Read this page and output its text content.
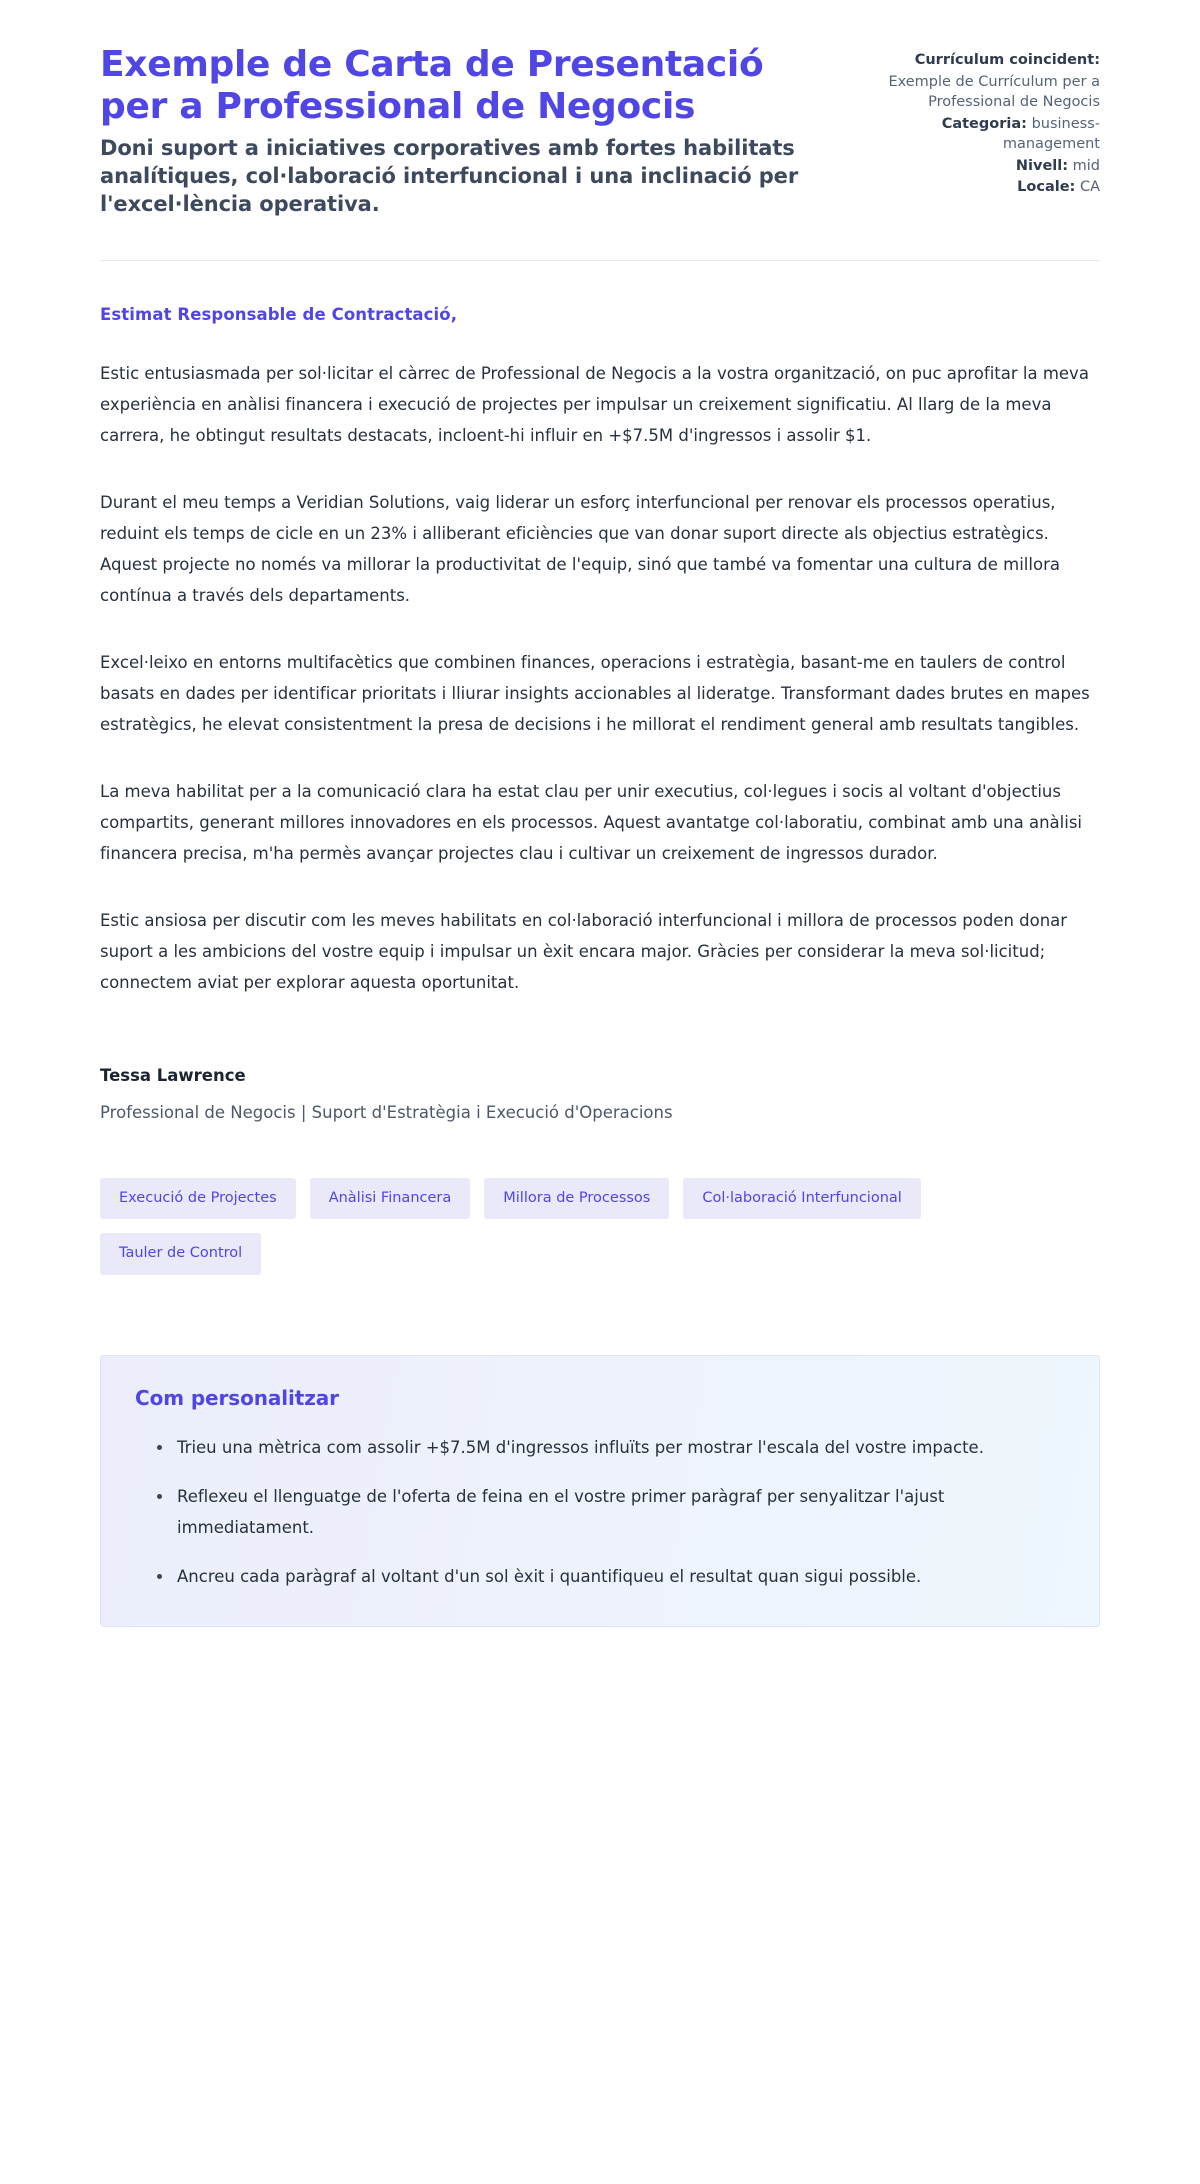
Exemple de Carta de Presentació per a Professional de Negocis

Doni suport a iniciatives corporatives amb fortes habilitats analítiques, col·laboració interfuncional i una inclinació per l'excel·lència operativa.

Currículum coincident:
Exemple de Currículum per a Professional de Negocis
Categoria: business-management
Nivell: mid
Locale: CA

Estimat Responsable de Contractació,

Estic entusiasmada per sol·licitar el càrrec de Professional de Negocis a la vostra organització, on puc aprofitar la meva experiència en anàlisi financera i execució de projectes per impulsar un creixement significatiu. Al llarg de la meva carrera, he obtingut resultats destacats, incloent-hi influir en +$7.5M d'ingressos i assolir $1.

Durant el meu temps a Veridian Solutions, vaig liderar un esforç interfuncional per renovar els processos operatius, reduint els temps de cicle en un 23% i alliberant eficiències que van donar suport directe als objectius estratègics. Aquest projecte no només va millorar la productivitat de l'equip, sinó que també va fomentar una cultura de millora contínua a través dels departaments.

Excel·leixo en entorns multifacètics que combinen finances, operacions i estratègia, basant-me en taulers de control basats en dades per identificar prioritats i lliurar insights accionables al lideratge. Transformant dades brutes en mapes estratègics, he elevat consistentment la presa de decisions i he millorat el rendiment general amb resultats tangibles.

La meva habilitat per a la comunicació clara ha estat clau per unir executius, col·legues i socis al voltant d'objectius compartits, generant millores innovadores en els processos. Aquest avantatge col·laboratiu, combinat amb una anàlisi financera precisa, m'ha permès avançar projectes clau i cultivar un creixement de ingressos durador.

Estic ansiosa per discutir com les meves habilitats en col·laboració interfuncional i millora de processos poden donar suport a les ambicions del vostre equip i impulsar un èxit encara major. Gràcies per considerar la meva sol·licitud; connectem aviat per explorar aquesta oportunitat.

Tessa Lawrence

Professional de Negocis | Suport d'Estratègia i Execució d'Operacions

Execució de Projectes	Anàlisi Financera	Millora de Processos	Col·laboració Interfuncional
Tauler de Control
Com personalitzar
Trieu una mètrica com assolir +$7.5M d'ingressos influïts per mostrar l'escala del vostre impacte.
Reflexeu el llenguatge de l'oferta de feina en el vostre primer paràgraf per senyalitzar l'ajust immediatament.
Ancreu cada paràgraf al voltant d'un sol èxit i quantifiqueu el resultat quan sigui possible.
